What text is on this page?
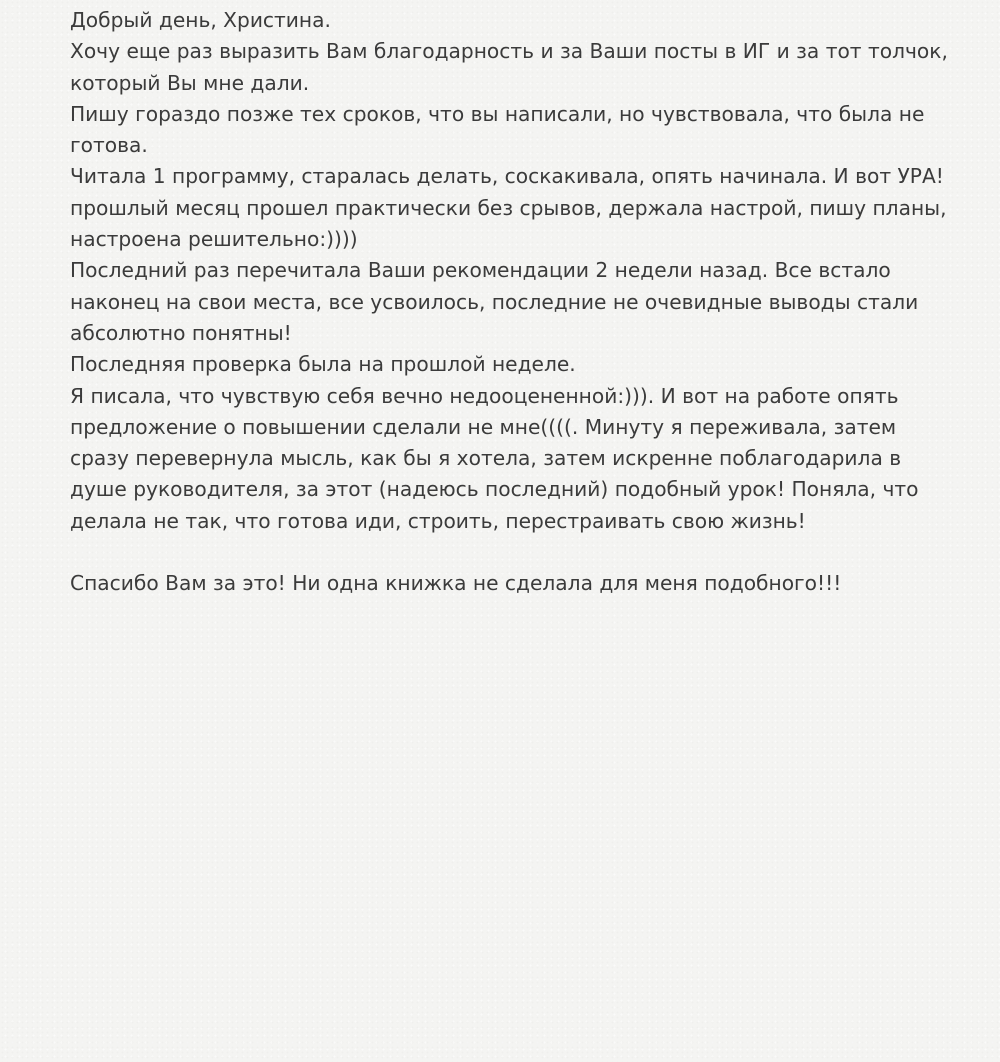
Добрый день, Христина.
Хочу еще раз выразить Вам благодарность и за Ваши посты в ИГ и за тот толчок,
который Вы мне дали.
Пишу гораздо позже тех сроков, что вы написали, но чувствовала, что была не
готова.
Читала 1 программу, старалась делать, соскакивала, опять начинала. И вот УРА!
прошлый месяц прошел практически без срывов, держала настрой, пишу планы,
настроена решительно:))))
Последний раз перечитала Ваши рекомендации 2 недели назад. Все встало
наконец на свои места, все усвоилось, последние не очевидные выводы стали
абсолютно понятны!
Последняя проверка была на прошлой неделе.
Я писала, что чувствую себя вечно недооцененной:))). И вот на работе опять
предложение о повышении сделали не мне((((. Минуту я переживала, затем
сразу перевернула мысль, как бы я хотела, затем искренне поблагодарила в
душе руководителя, за этот (надеюсь последний) подобный урок! Поняла, что
делала не так, что готова иди, строить, перестраивать свою жизнь!
Спасибо Вам за это! Ни одна книжка не сделала для меня подобного!!!
